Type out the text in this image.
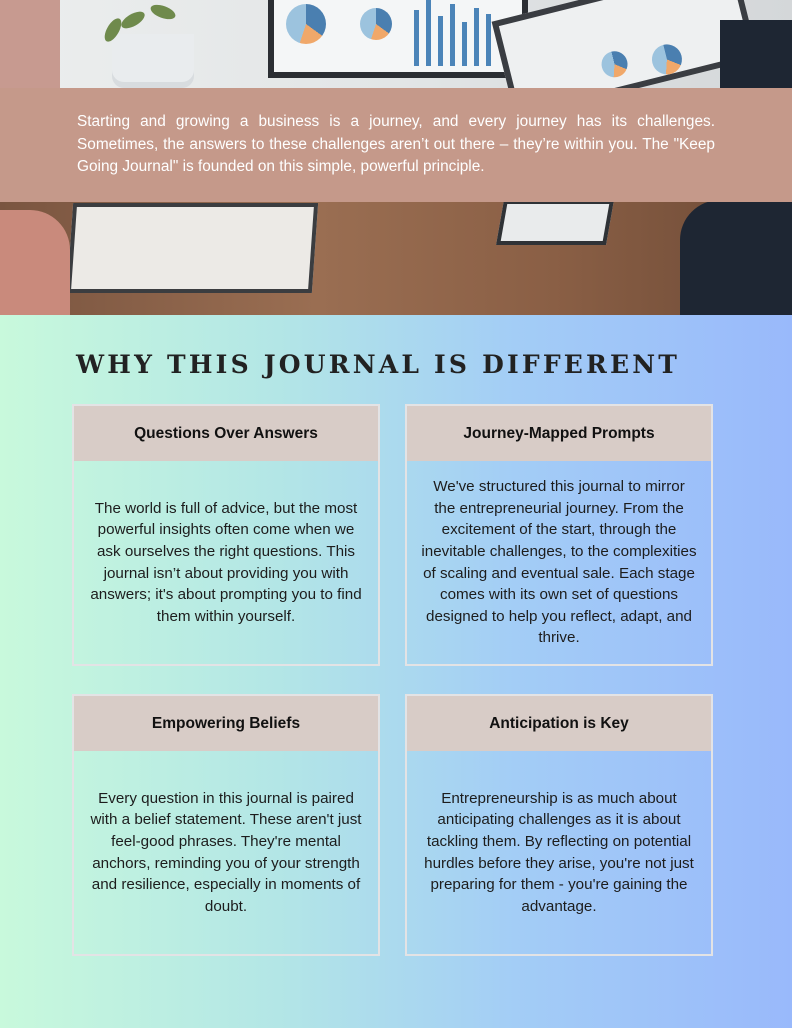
Starting and growing a business is a journey, and every journey has its challenges. Sometimes, the answers to these challenges aren’t out there – they’re within you. The "Keep Going Journal" is founded on this simple, powerful principle.

WHY THIS JOURNAL IS DIFFERENT
Questions Over Answers

The world is full of advice, but the most powerful insights often come when we ask ourselves the right questions. This journal isn’t about providing you with answers; it's about prompting you to find them within yourself.

Journey-Mapped Prompts

We've structured this journal to mirror the entrepreneurial journey. From the excitement of the start, through the inevitable challenges, to the complexities of scaling and eventual sale. Each stage comes with its own set of questions designed to help you reflect, adapt, and thrive.

Empowering Beliefs

Every question in this journal is paired with a belief statement. These aren't just feel-good phrases. They're mental anchors, reminding you of your strength and resilience, especially in moments of doubt.

Anticipation is Key

Entrepreneurship is as much about anticipating challenges as it is about tackling them. By reflecting on potential hurdles before they arise, you're not just preparing for them - you're gaining the advantage.
